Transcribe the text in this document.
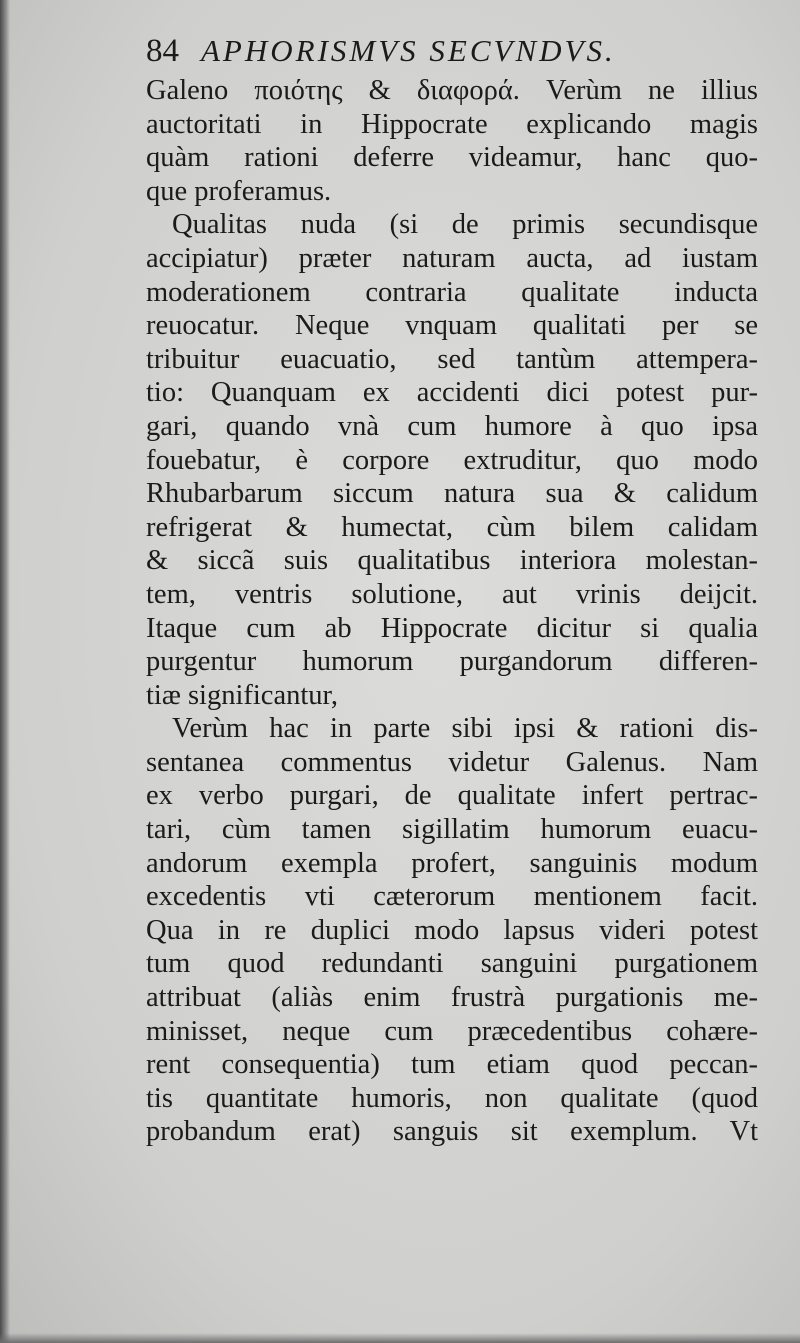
84 APHORISMVS SECVNDVS.
Galeno ποιότης & διαφορά. Verùm ne illius
auctoritati in Hippocrate explicando magis
quàm rationi deferre videamur, hanc quo-
que proferamus.
Qualitas nuda (si de primis secundisque
accipiatur) præter naturam aucta, ad iustam
moderationem contraria qualitate inducta
reuocatur. Neque vnquam qualitati per se
tribuitur euacuatio, sed tantùm attempera-
tio: Quanquam ex accidenti dici potest pur-
gari, quando vnà cum humore à quo ipsa
fouebatur, è corpore extruditur, quo modo
Rhubarbarum siccum natura sua & calidum
refrigerat & humectat, cùm bilem calidam
& siccã suis qualitatibus interiora molestan-
tem, ventris solutione, aut vrinis deijcit.
Itaque cum ab Hippocrate dicitur si qualia
purgentur humorum purgandorum differen-
tiæ significantur,
Verùm hac in parte sibi ipsi & rationi dis-
sentanea commentus videtur Galenus. Nam
ex verbo purgari, de qualitate infert pertrac-
tari, cùm tamen sigillatim humorum euacu-
andorum exempla profert, sanguinis modum
excedentis vti cæterorum mentionem facit.
Qua in re duplici modo lapsus videri potest
tum quod redundanti sanguini purgationem
attribuat (aliàs enim frustrà purgationis me-
minisset, neque cum præcedentibus cohære-
rent consequentia) tum etiam quod peccan-
tis quantitate humoris, non qualitate (quod
probandum erat) sanguis sit exemplum. Vt
